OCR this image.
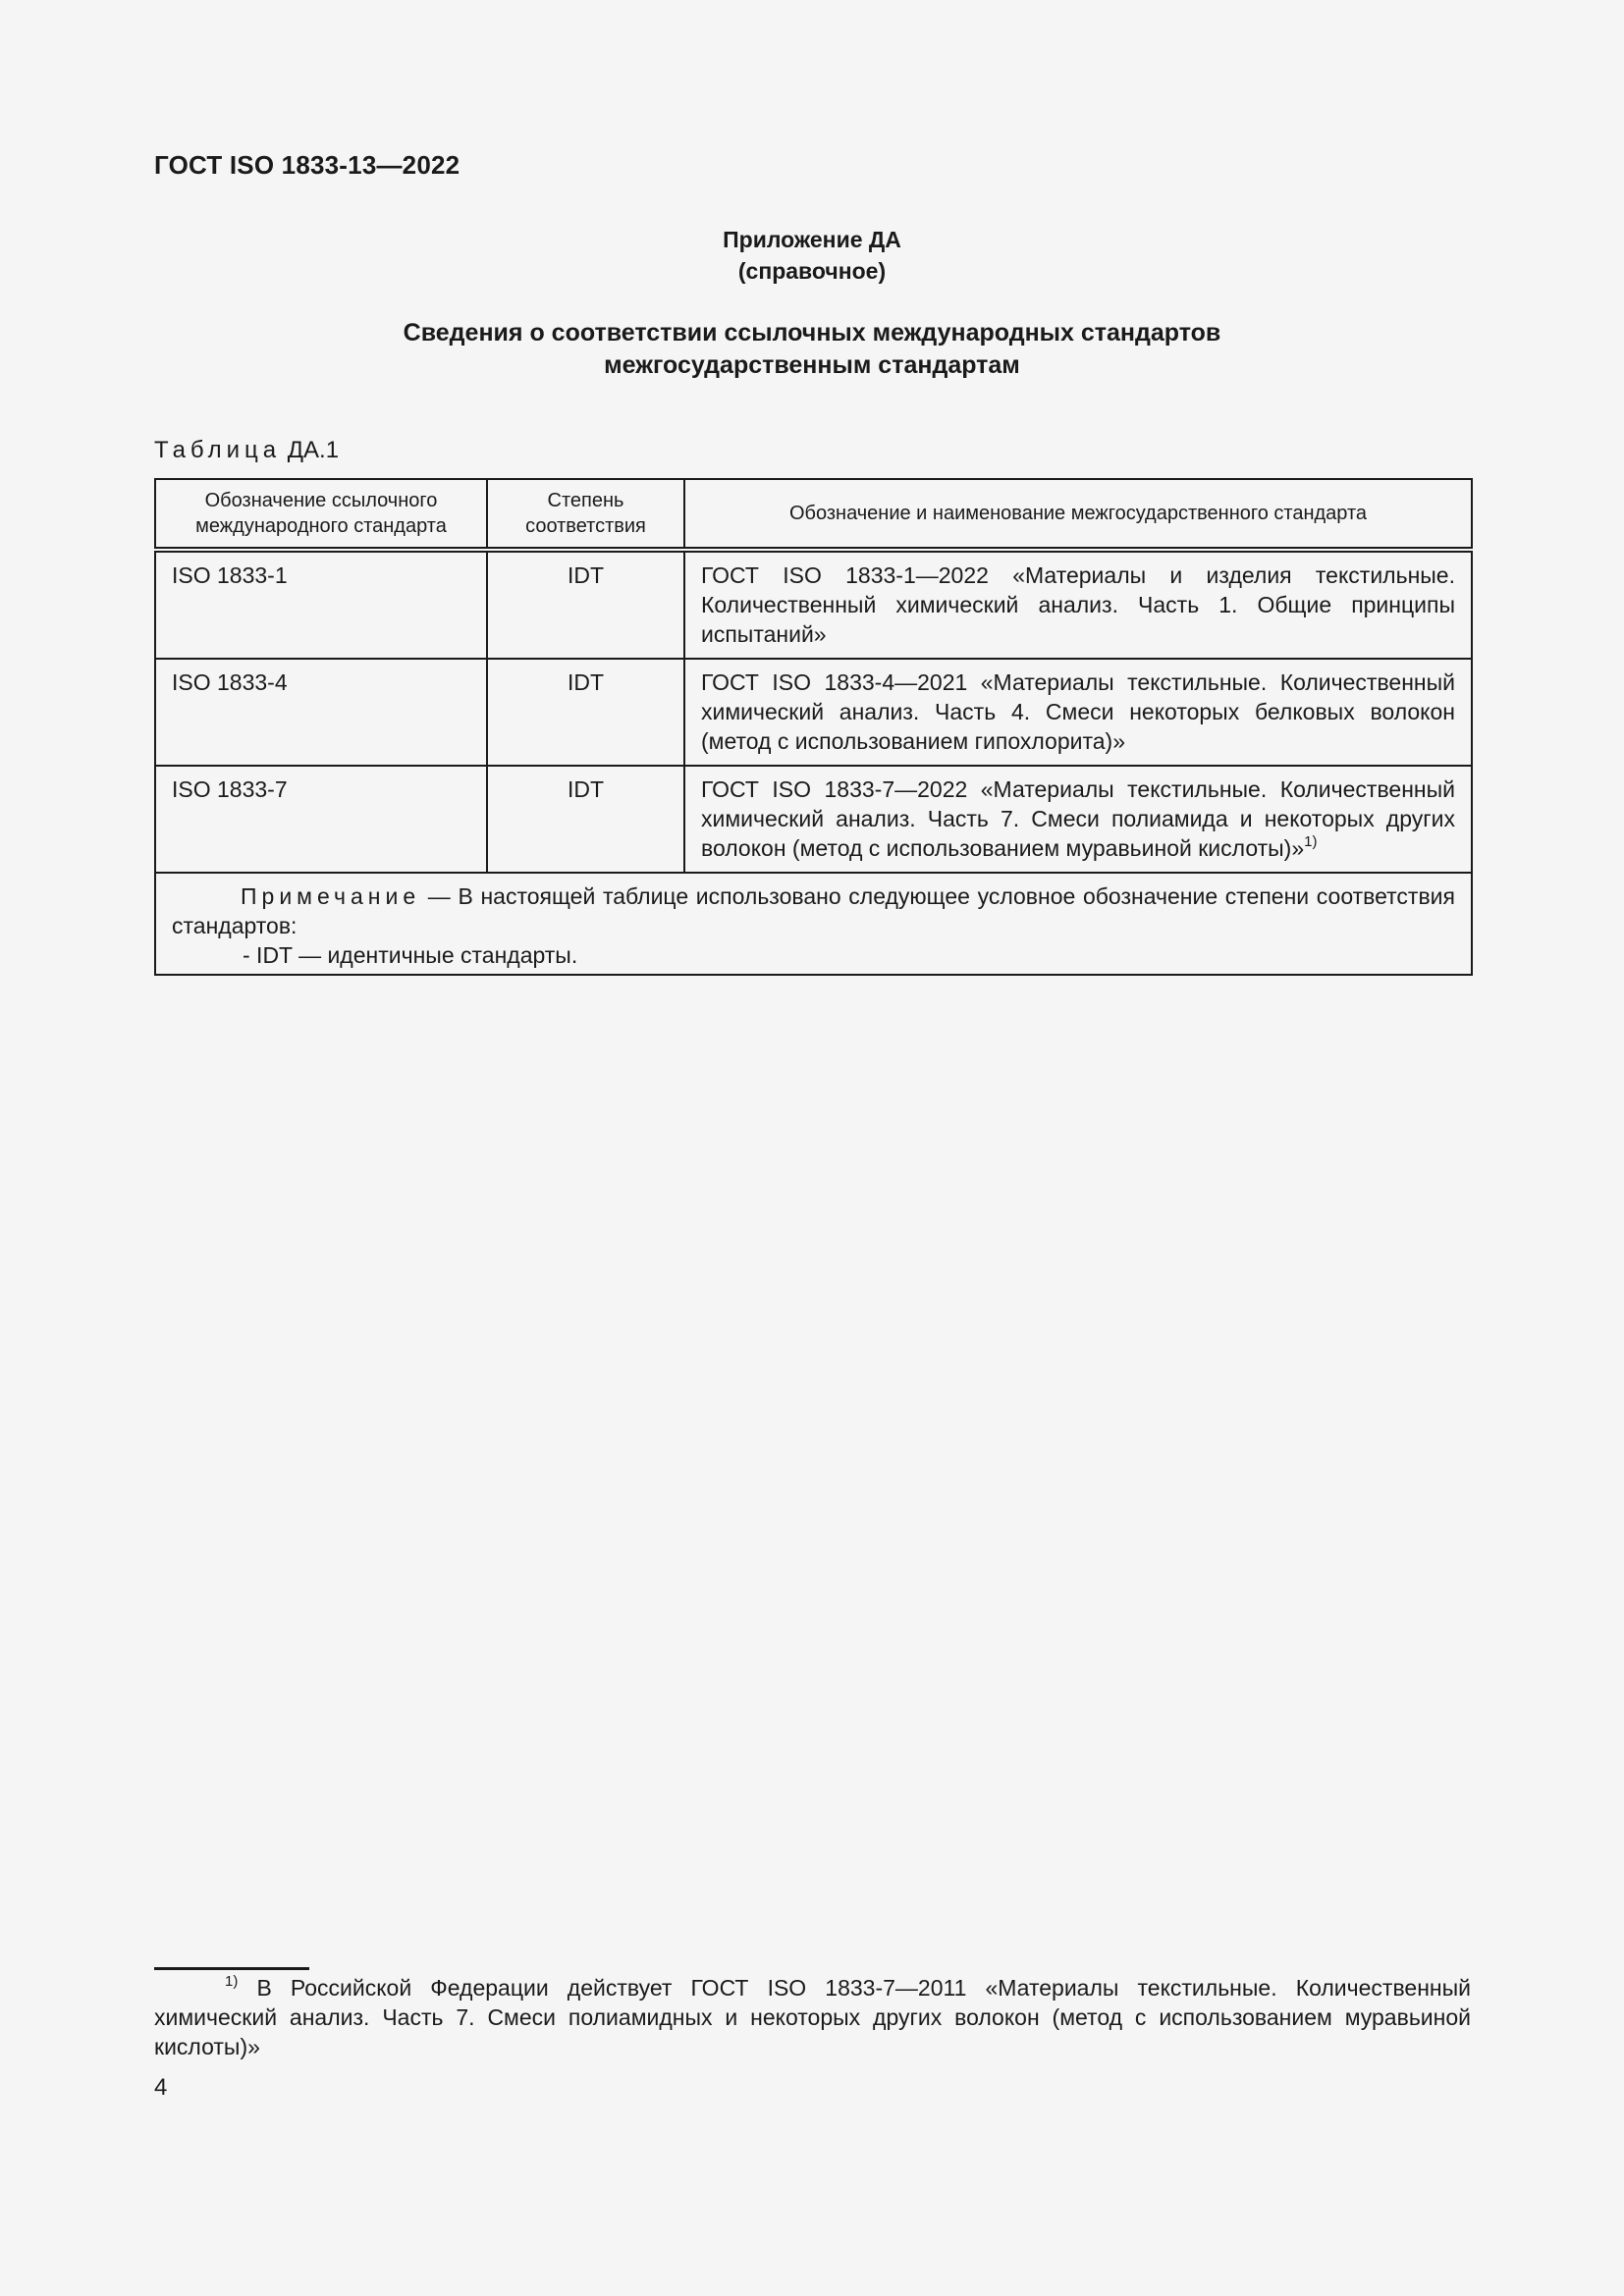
ГОСТ ISO 1833-13—2022
Приложение ДА
(справочное)
Сведения о соответствии ссылочных международных стандартов
межгосударственным стандартам
Таблица ДА.1
Обозначение ссылочного международного стандарта	Степень соответствия	Обозначение и наименование межгосударственного стандарта
ISO 1833-1	IDT	ГОСТ ISO 1833-1—2022 «Материалы и изделия текстильные. Количественный химический анализ. Часть 1. Общие принципы испытаний»
ISO 1833-4	IDT	ГОСТ ISO 1833-4—2021 «Материалы текстильные. Количественный химический анализ. Часть 4. Смеси некоторых белковых волокон (метод с использованием гипохлорита)»
ISO 1833-7	IDT	ГОСТ ISO 1833-7—2022 «Материалы текстильные. Количественный химический анализ. Часть 7. Смеси полиамида и некоторых других волокон (метод с использованием муравьиной кислоты)»$^{1)}$

Примечание — В настоящей таблице использовано следующее условное обозначение степени соответствия стандартов:
- IDT — идентичные стандарты.		
$^{1)}$ В Российской Федерации действует ГОСТ ISO 1833-7—2011 «Материалы текстильные. Количественный химический анализ. Часть 7. Смеси полиамидных и некоторых других волокон (метод с использованием муравьиной кислоты)»
4
